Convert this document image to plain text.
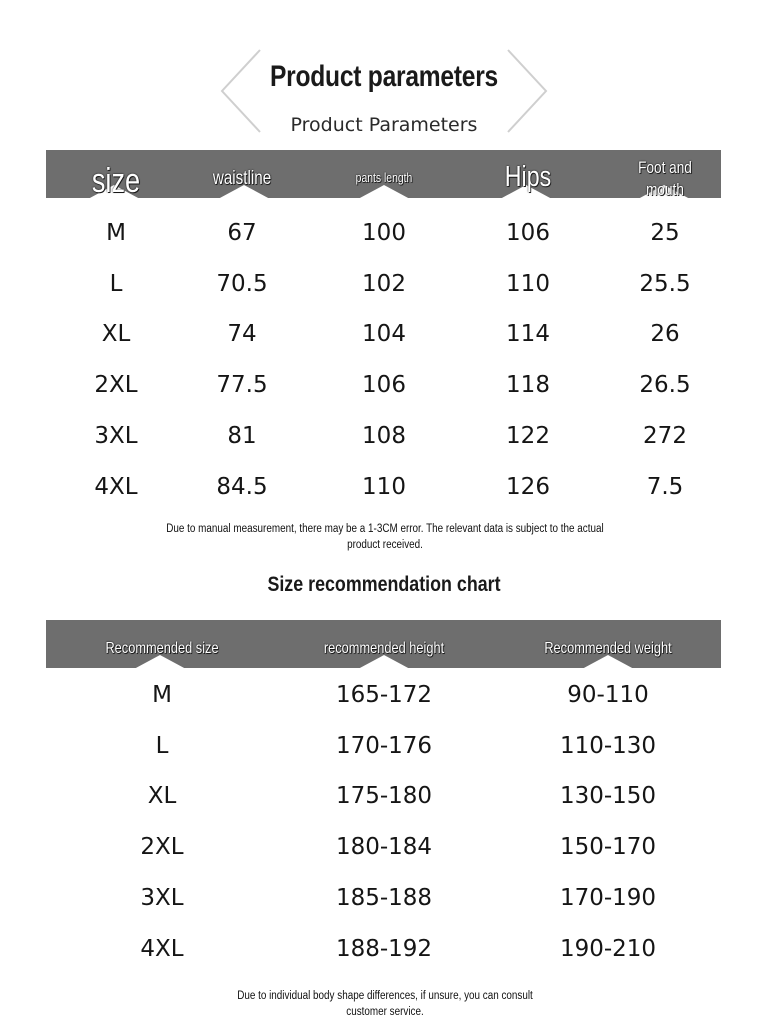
Product parameters
Product Parameters
size	waistline	pants length	Hips	Foot and
mouth
M	67	100	106	25
L	70.5	102	110	25.5
XL	74	104	114	26
2XL	77.5	106	118	26.5
3XL	81	108	122	272
4XL	84.5	110	126	7.5
Due to manual measurement, there may be a 1-3CM error. The relevant data is subject to the actual product received.
Size recommendation chart
Recommended size	recommended height	Recommended weight
M	165-172	90-110
L	170-176	110-130
XL	175-180	130-150
2XL	180-184	150-170
3XL	185-188	170-190
4XL	188-192	190-210
Due to individual body shape differences, if unsure, you can consult customer service.
